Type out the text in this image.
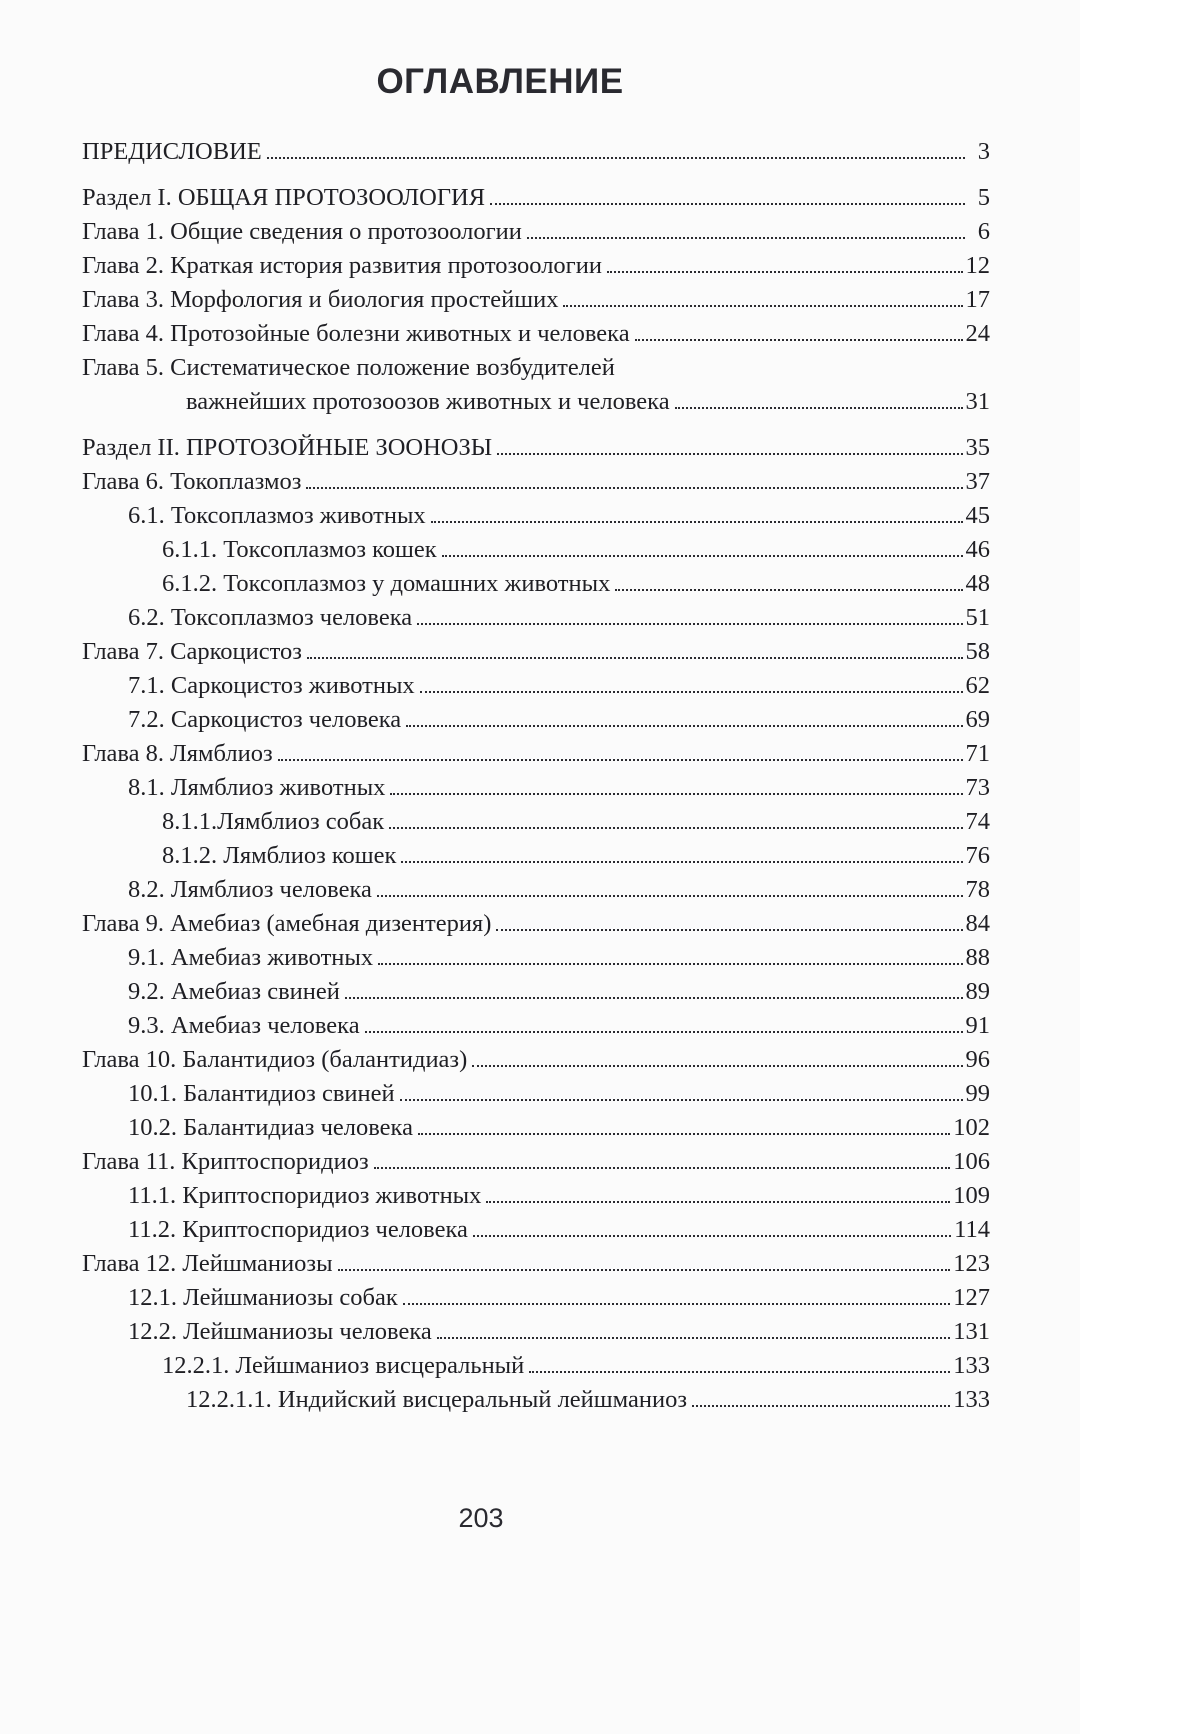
ОГЛАВЛЕНИЕ
ПРЕДИСЛОВИЕ	3
Раздел I. ОБЩАЯ ПРОТОЗООЛОГИЯ	5
Глава 1. Общие сведения о протозоологии	6
Глава 2. Краткая история развития протозоологии	12
Глава 3. Морфология и биология простейших	17
Глава 4. Протозойные болезни животных и человека	24
Глава 5. Систематическое положение возбудителей
важнейших протозоозов животных и человека	31
Раздел II. ПРОТОЗОЙНЫЕ ЗООНОЗЫ	35
Глава 6. Токоплазмоз	37
6.1. Токсоплазмоз животных	45
6.1.1. Токсоплазмоз кошек	46
6.1.2. Токсоплазмоз у домашних животных	48
6.2. Токсоплазмоз человека	51
Глава 7. Саркоцистоз	58
7.1. Саркоцистоз животных	62
7.2. Саркоцистоз человека	69
Глава 8. Лямблиоз	71
8.1. Лямблиоз животных	73
8.1.1.Лямблиоз собак	74
8.1.2. Лямблиоз кошек	76
8.2. Лямблиоз человека	78
Глава 9. Амебиаз (амебная дизентерия)	84
9.1. Амебиаз животных	88
9.2. Амебиаз свиней	89
9.3. Амебиаз человека	91
Глава 10. Балантидиоз (балантидиаз)	96
10.1. Балантидиоз свиней	99
10.2. Балантидиаз человека	102
Глава 11. Криптоспоридиоз	106
11.1. Криптоспоридиоз животных	109
11.2. Криптоспоридиоз человека	114
Глава 12. Лейшманиозы	123
12.1. Лейшманиозы собак	127
12.2. Лейшманиозы человека	131
12.2.1. Лейшманиоз висцеральный	133
12.2.1.1. Индийский висцеральный лейшманиоз	133
203
